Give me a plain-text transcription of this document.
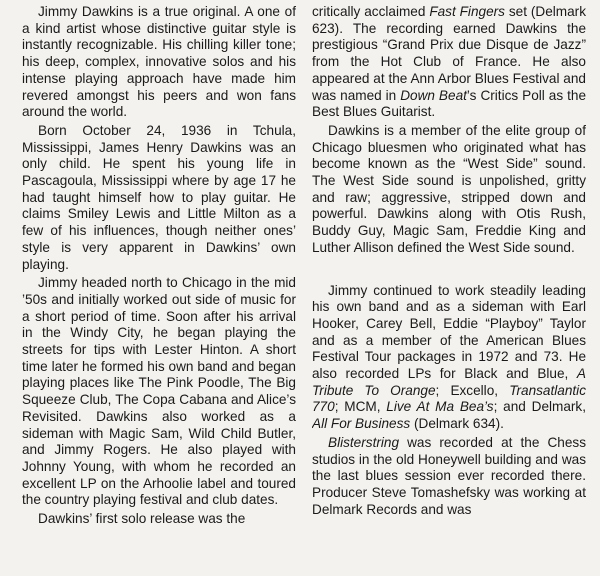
Jimmy Dawkins is a true original. A one of a kind artist whose distinctive guitar style is instantly recognizable. His chilling killer tone; his deep, complex, innovative solos and his intense playing approach have made him revered amongst his peers and won fans around the world.

Born October 24, 1936 in Tchula, Mississippi, James Henry Dawkins was an only child. He spent his young life in Pascagoula, Mississippi where by age 17 he had taught himself how to play guitar. He claims Smiley Lewis and Little Milton as a few of his influences, though neither ones’ style is very apparent in Dawkins’ own playing.

Jimmy headed north to Chicago in the mid ’50s and initially worked out side of music for a short period of time. Soon after his arrival in the Windy City, he began playing the streets for tips with Lester Hinton. A short time later he formed his own band and began playing places like The Pink Poodle, The Big Squeeze Club, The Copa Cabana and Alice’s Revisited. Dawkins also worked as a sideman with Magic Sam, Wild Child Butler, and Jimmy Rogers. He also played with Johnny Young, with whom he recorded an excellent LP on the Arhoolie label and toured the country playing festival and club dates.

Dawkins’ first solo release was the

critically acclaimed Fast Fingers set (Delmark 623). The recording earned Dawkins the prestigious “Grand Prix due Disque de Jazz” from the Hot Club of France. He also appeared at the Ann Arbor Blues Festival and was named in Down Beat’s Critics Poll as the Best Blues Guitarist.

Dawkins is a member of the elite group of Chicago bluesmen who originated what has become known as the “West Side” sound. The West Side sound is unpolished, gritty and raw; aggressive, stripped down and powerful. Dawkins along with Otis Rush, Buddy Guy, Magic Sam, Freddie King and Luther Allison defined the West Side sound.

Jimmy continued to work steadily leading his own band and as a sideman with Earl Hooker, Carey Bell, Eddie “Playboy” Taylor and as a member of the American Blues Festival Tour packages in 1972 and 73. He also recorded LPs for Black and Blue, A Tribute To Orange; Excello, Transatlantic 770; MCM, Live At Ma Bea’s; and Delmark, All For Business (Delmark 634).

Blisterstring was recorded at the Chess studios in the old Honeywell building and was the last blues session ever recorded there. Producer Steve Tomashefsky was working at Delmark Records and was
